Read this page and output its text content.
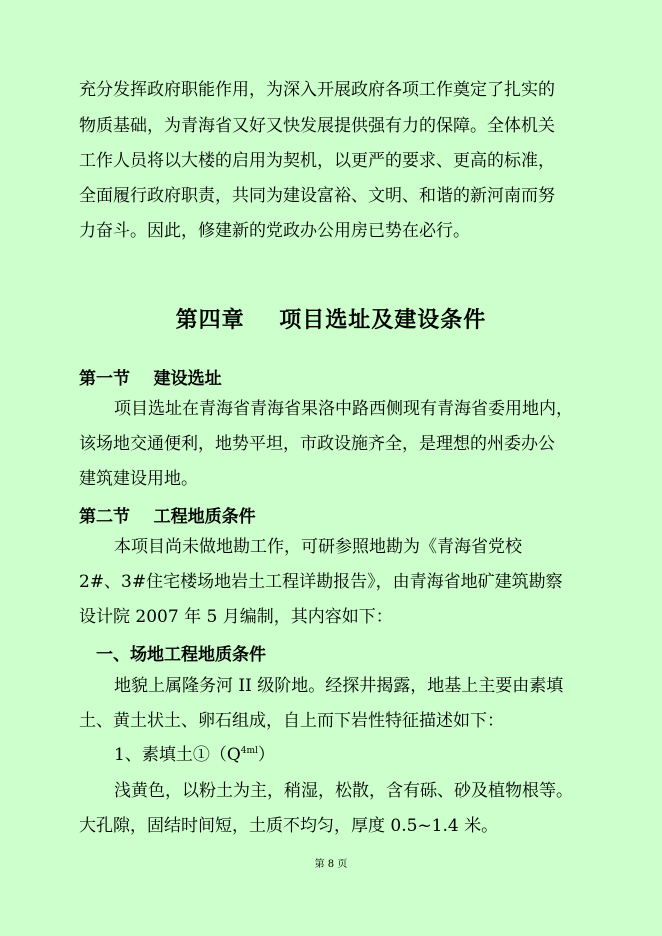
充分发挥政府职能作用，为深入开展政府各项工作奠定了扎实的
物质基础，为青海省又好又快发展提供强有力的保障。全体机关
工作人员将以大楼的启用为契机，以更严的要求、更高的标准，
全面履行政府职责，共同为建设富裕、文明、和谐的新河南而努
力奋斗。因此，修建新的党政办公用房已势在必行。
第四章    项目选址及建设条件
第一节    建设选址
项目选址在青海省青海省果洛中路西侧现有青海省委用地内，
该场地交通便利，地势平坦，市政设施齐全，是理想的州委办公
建筑建设用地。
第二节    工程地质条件
本项目尚未做地勘工作，可研参照地勘为《青海省党校
2#、3#住宅楼场地岩土工程详勘报告》，由青海省地矿建筑勘察
设计院 2007 年 5 月编制，其内容如下：
一、场地工程地质条件
地貌上属隆务河 II 级阶地。经探井揭露，地基上主要由素填
土、黄土状土、卵石组成，自上而下岩性特征描述如下：
1、素填土$①(Q^{4ml})$
浅黄色，以粉土为主，稍湿，松散，含有砾、砂及植物根等。
大孔隙，固结时间短，土质不均匀，厚度 0.5~1.4 米。
第 8 页
